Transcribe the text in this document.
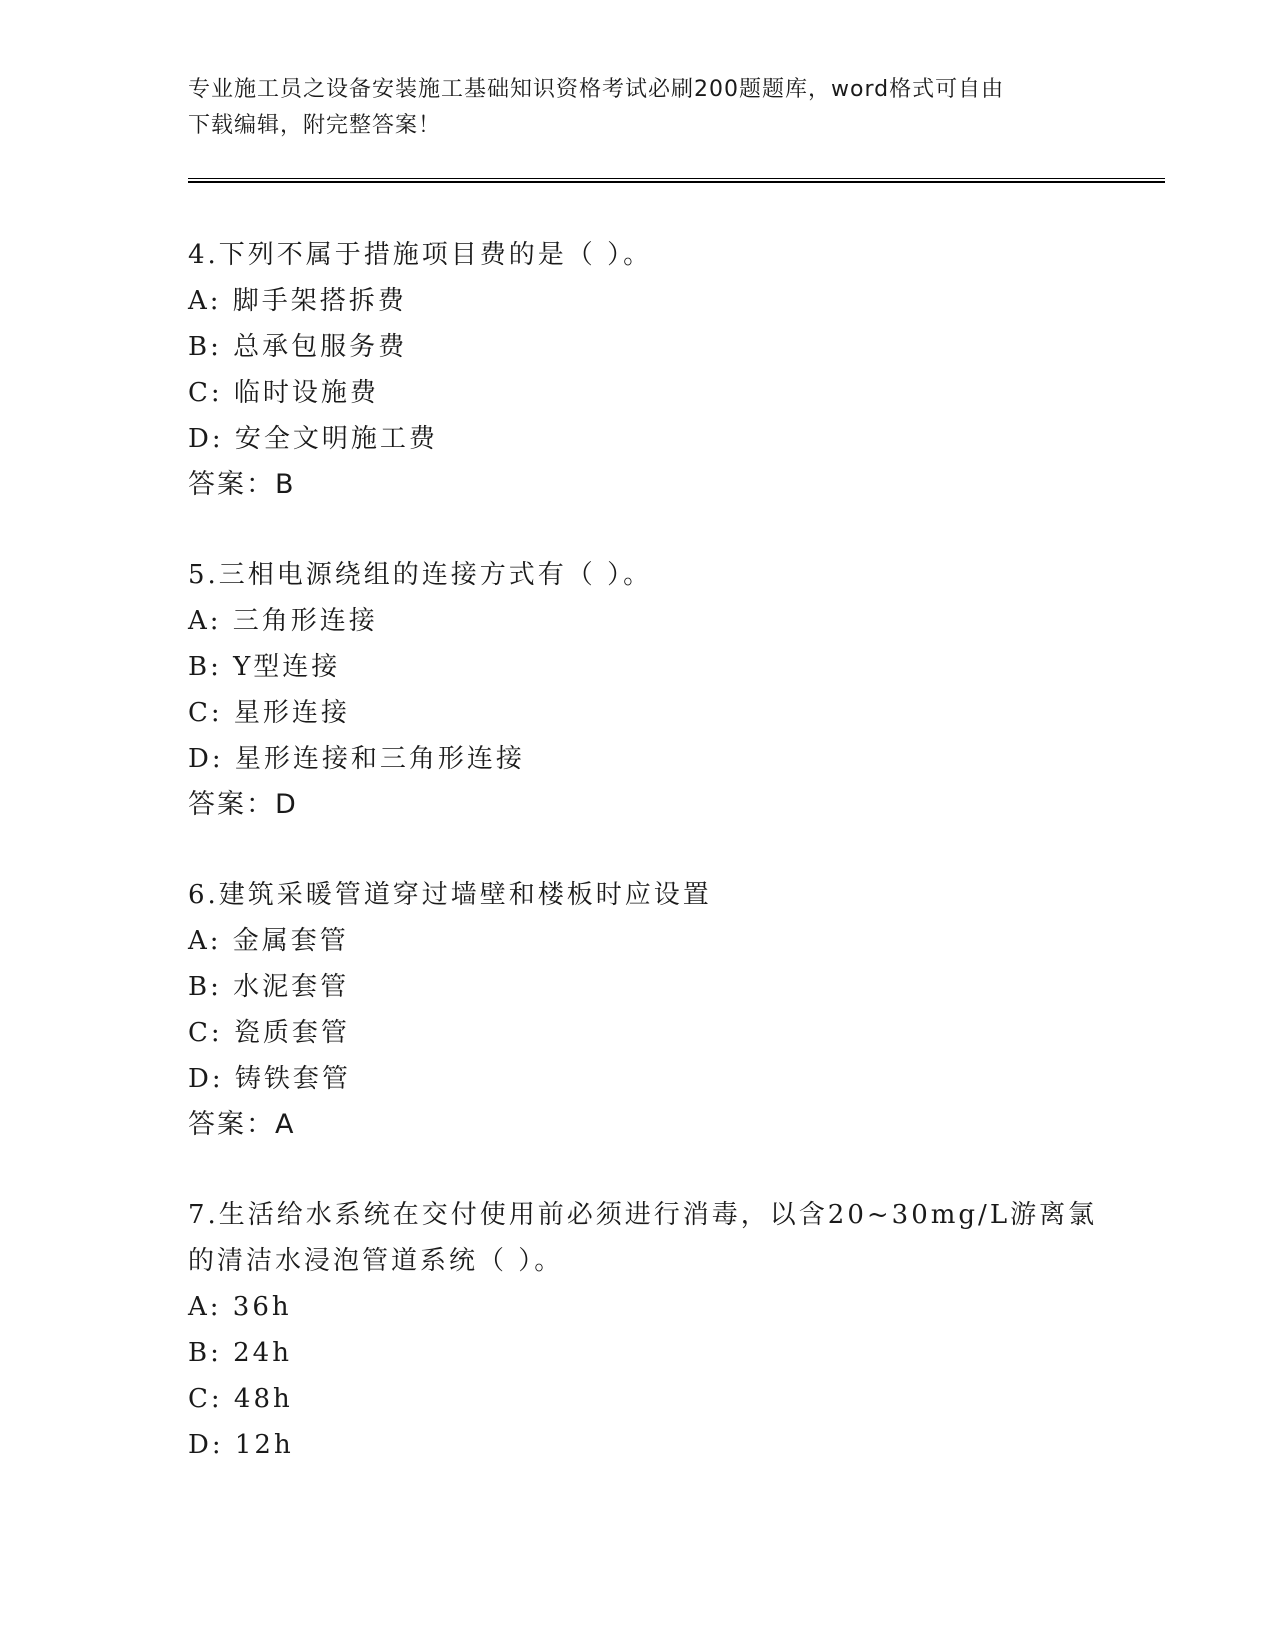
专业施工员之设备安装施工基础知识资格考试必刷200题题库，word格式可自由
下载编辑，附完整答案！
4.下列不属于措施项目费的是（ ）。
A: 脚手架搭拆费
B: 总承包服务费
C: 临时设施费
D: 安全文明施工费
答案：B
5.三相电源绕组的连接方式有（ ）。
A: 三角形连接
B: Y型连接
C: 星形连接
D: 星形连接和三角形连接
答案：D
6.建筑采暖管道穿过墙壁和楼板时应设置
A: 金属套管
B: 水泥套管
C: 瓷质套管
D: 铸铁套管
答案：A
7.生活给水系统在交付使用前必须进行消毒，以含20~30mg/L游离氯
的清洁水浸泡管道系统（ ）。
A: 36h
B: 24h
C: 48h
D: 12h
